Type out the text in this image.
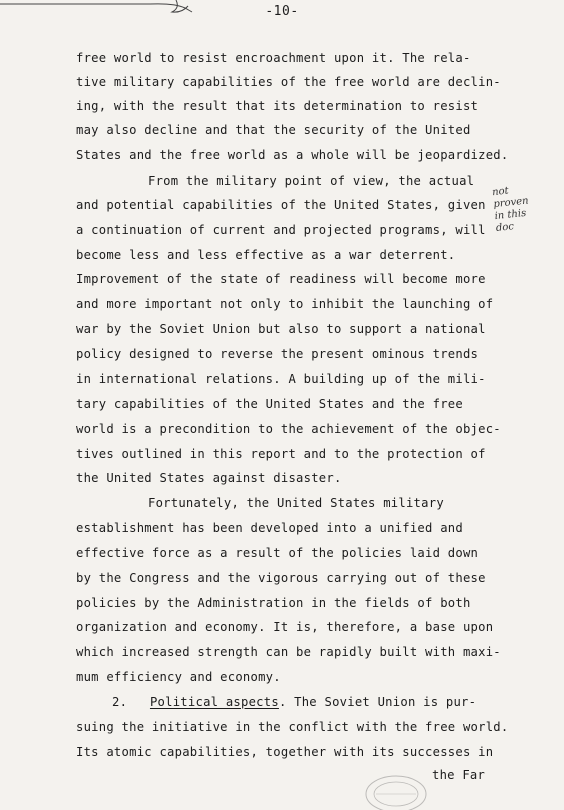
-10-
free world to resist encroachment upon it. The rela-
tive military capabilities of the free world are declin-
ing, with the result that its determination to resist
may also decline and that the security of the United
States and the free world as a whole will be jeopardized.
From the military point of view, the actual
and potential capabilities of the United States, given
a continuation of current and projected programs, will
become less and less effective as a war deterrent.
Improvement of the state of readiness will become more
and more important not only to inhibit the launching of
war by the Soviet Union but also to support a national
policy designed to reverse the present ominous trends
in international relations. A building up of the mili-
tary capabilities of the United States and the free
world is a precondition to the achievement of the objec-
tives outlined in this report and to the protection of
the United States against disaster.
Fortunately, the United States military
establishment has been developed into a unified and
effective force as a result of the policies laid down
by the Congress and the vigorous carrying out of these
policies by the Administration in the fields of both
organization and economy. It is, therefore, a base upon
which increased strength can be rapidly built with maxi-
mum efficiency and economy.
2. Political aspects. The Soviet Union is pur-
suing the initiative in the conflict with the free world.
Its atomic capabilities, together with its successes in
the Far
not
proven
in this
doc
